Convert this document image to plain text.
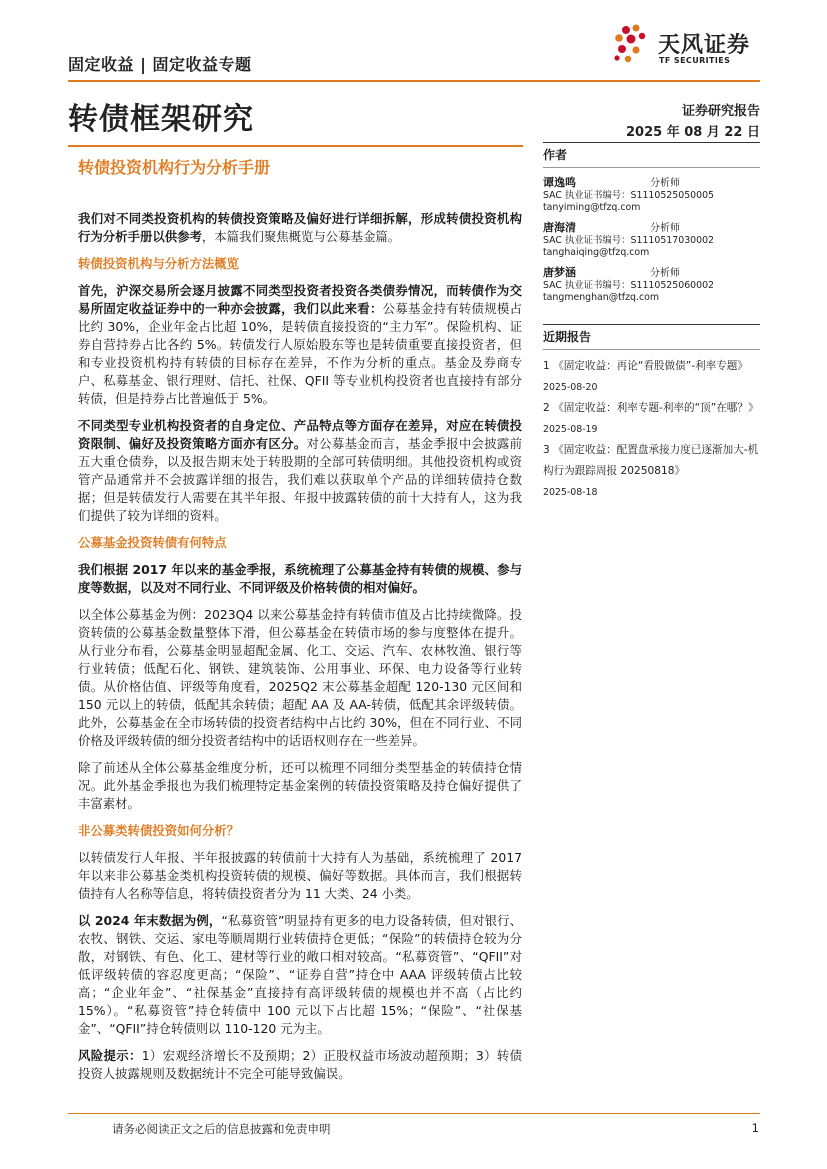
固定收益 | 固定收益专题
天风证券
TF SECURITIES
转债框架研究	证券研究报告
2025 年 08 月 22 日
转债投资机构行为分析手册

我们对不同类投资机构的转债投资策略及偏好进行详细拆解，形成转债投资机构行为分析手册以供参考，本篇我们聚焦概览与公募基金篇。

转债投资机构与分析方法概览

首先，沪深交易所会逐月披露不同类型投资者投资各类债券情况，而转债作为交易所固定收益证券中的一种亦会披露，我们以此来看：公募基金持有转债规模占比约 30%，企业年金占比超 10%，是转债直接投资的“主力军”。保险机构、证券自营持券占比各约 5%。转债发行人原始股东等也是转债重要直接投资者，但和专业投资机构持有转债的目标存在差异，不作为分析的重点。基金及券商专户、私募基金、银行理财、信托、社保、QFII 等专业机构投资者也直接持有部分转债，但是持券占比普遍低于 5%。

不同类型专业机构投资者的自身定位、产品特点等方面存在差异，对应在转债投资限制、偏好及投资策略方面亦有区分。对公募基金而言，基金季报中会披露前五大重仓债券，以及报告期末处于转股期的全部可转债明细。其他投资机构或资管产品通常并不会披露详细的报告，我们难以获取单个产品的详细转债持仓数据；但是转债发行人需要在其半年报、年报中披露转债的前十大持有人，这为我们提供了较为详细的资料。

公募基金投资转债有何特点

我们根据 2017 年以来的基金季报，系统梳理了公募基金持有转债的规模、参与度等数据，以及对不同行业、不同评级及价格转债的相对偏好。

以全体公募基金为例：2023Q4 以来公募基金持有转债市值及占比持续微降。投资转债的公募基金数量整体下滑，但公募基金在转债市场的参与度整体在提升。从行业分布看，公募基金明显超配金属、化工、交运、汽车、农林牧渔、银行等行业转债；低配石化、钢铁、建筑装饰、公用事业、环保、电力设备等行业转债。从价格估值、评级等角度看，2025Q2 末公募基金超配 120-130 元区间和 150 元以上的转债，低配其余转债；超配 AA 及 AA-转债，低配其余评级转债。此外，公募基金在全市场转债的投资者结构中占比约 30%，但在不同行业、不同价格及评级转债的细分投资者结构中的话语权则存在一些差异。

除了前述从全体公募基金维度分析，还可以梳理不同细分类型基金的转债持仓情况。此外基金季报也为我们梳理特定基金案例的转债投资策略及持仓偏好提供了丰富素材。

非公募类转债投资如何分析？

以转债发行人年报、半年报披露的转债前十大持有人为基础，系统梳理了 2017 年以来非公募基金类机构投资转债的规模、偏好等数据。具体而言，我们根据转债持有人名称等信息，将转债投资者分为 11 大类、24 小类。

以 2024 年末数据为例，“私募资管”明显持有更多的电力设备转债，但对银行、农牧、钢铁、交运、家电等顺周期行业转债持仓更低；“保险”的转债持仓较为分散，对钢铁、有色、化工、建材等行业的敞口相对较高。“私募资管”、“QFII”对低评级转债的容忍度更高；“保险”、“证券自营”持仓中 AAA 评级转债占比较高；“企业年金”、“社保基金”直接持有高评级转债的规模也并不高（占比约 15%）。“私募资管”持仓转债中 100 元以下占比超 15%；“保险”、“社保基金”、“QFII”持仓转债则以 110-120 元为主。

风险提示：1）宏观经济增长不及预期；2）正股权益市场波动超预期；3）转债投资人披露规则及数据统计不完全可能导致偏误。

作者
谭逸鸣	分析师
SAC 执业证书编号：S1110525050005
tanyiming@tfzq.com
唐海清	分析师
SAC 执业证书编号：S1110517030002
tanghaiqing@tfzq.com
唐梦涵	分析师
SAC 执业证书编号：S1110525060002
tangmenghan@tfzq.com
近期报告
1 《固定收益：再论“看股做债”-利率专题》 2025-08-20
2 《固定收益：利率专题-利率的“顶”在哪？》 2025-08-19
3 《固定收益：配置盘承接力度已逐渐加大-机构行为跟踪周报 20250818》
2025-08-18
请务必阅读正文之后的信息披露和免责申明	1
